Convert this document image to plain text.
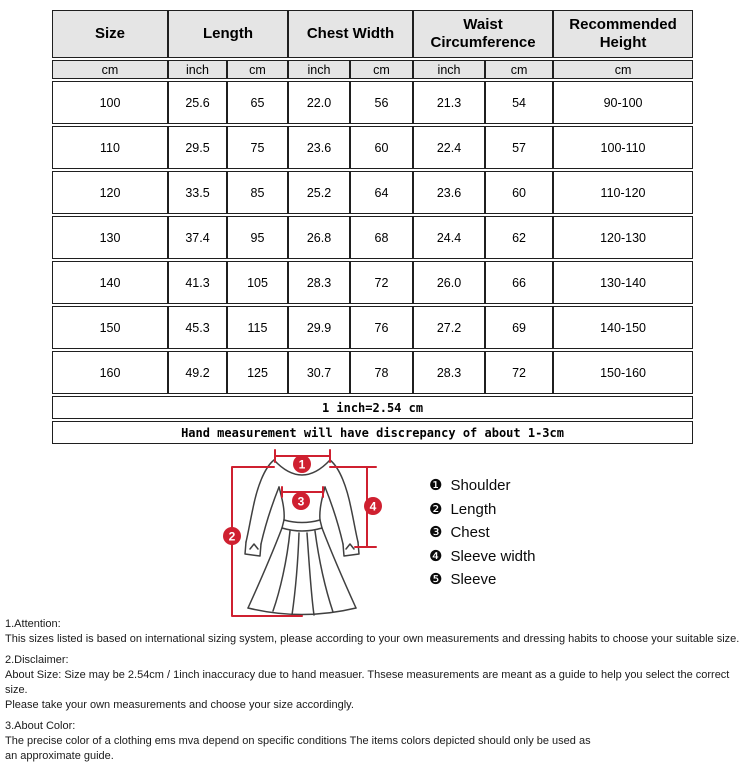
Size	Length		Chest Width		Waist Circumference		Recommended Height
cm	inch	cm	inch	cm	inch	cm	cm
100	25.6	65	22.0	56	21.3	54	90-100
110	29.5	75	23.6	60	22.4	57	100-110
120	33.5	85	25.2	64	23.6	60	110-120
130	37.4	95	26.8	68	24.4	62	120-130
140	41.3	105	28.3	72	26.0	66	130-140
150	45.3	115	29.9	76	27.2	69	140-150
160	49.2	125	30.7	78	28.3	72	150-160
1 inch=2.54 cm							
Hand measurement will have discrepancy of about 1-3cm							
1
2
3	4
❶ Shoulder
❷ Length
❸ Chest
❹ Sleeve width
❺ Sleeve
1.Attention:
This sizes listed is based on international sizing system, please according to your own measurements and dressing habits to choose your suitable size.
2.Disclaimer:
About Size: Size may be 2.54cm / 1inch inaccuracy due to hand measuer. Thsese measurements are meant as a guide to help you select the correct size.
Please take your own measurements and choose your size accordingly.
3.About Color:
The precise color of a clothing ems mva depend on specific conditions The items colors depicted should only be used as
an approximate guide.
